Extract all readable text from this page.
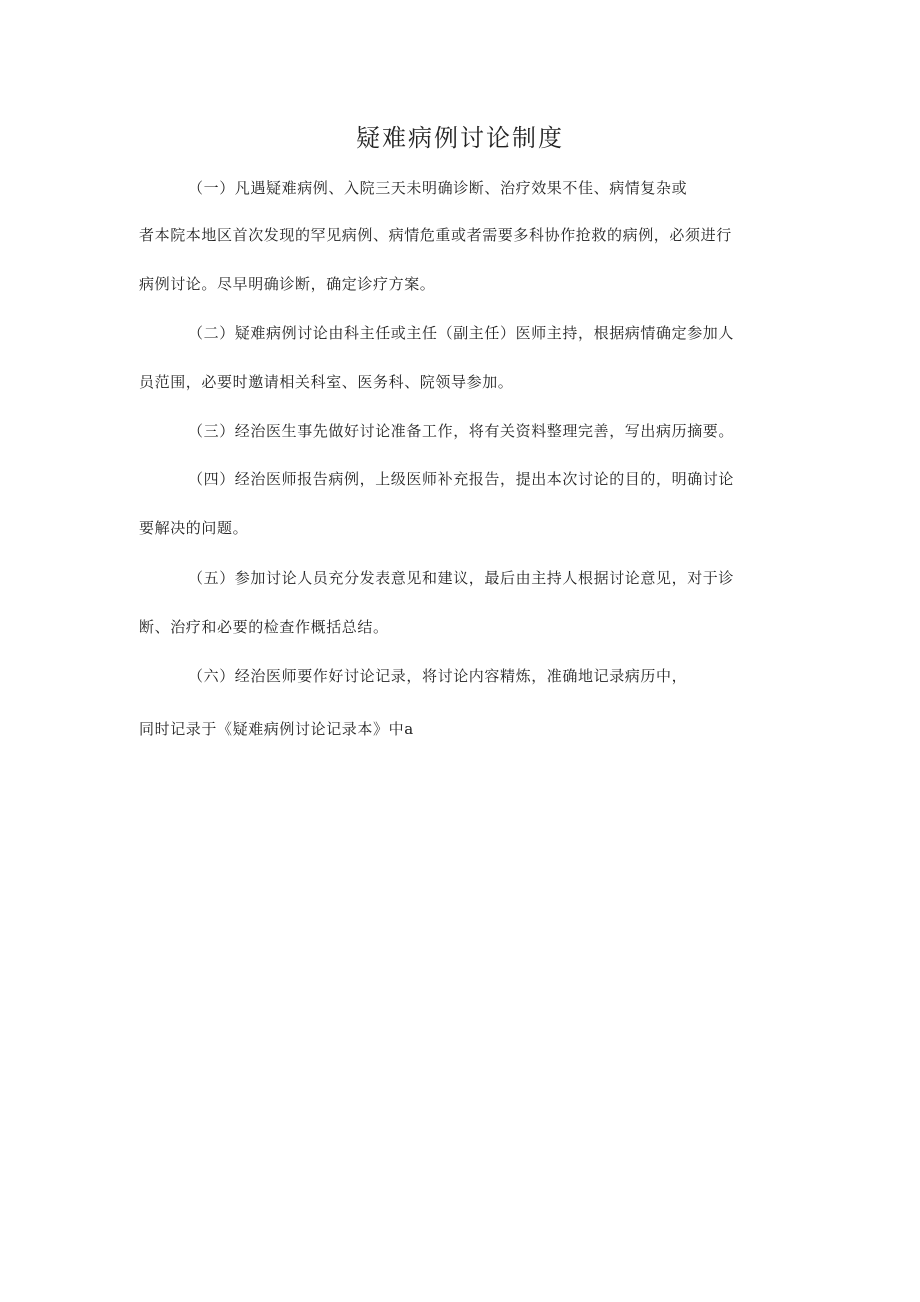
疑难病例讨论制度

（一）凡遇疑难病例、入院三天未明确诊断、治疗效果不佳、病情复杂或

者本院本地区首次发现的罕见病例、病情危重或者需要多科协作抢救的病例，必须进行

病例讨论。尽早明确诊断，确定诊疗方案。

（二）疑难病例讨论由科主任或主任（副主任）医师主持，根据病情确定参加人

员范围，必要时邀请相关科室、医务科、院领导参加。

（三）经治医生事先做好讨论准备工作，将有关资料整理完善，写出病历摘要。

（四）经治医师报告病例，上级医师补充报告，提出本次讨论的目的，明确讨论

要解决的问题。

（五）参加讨论人员充分发表意见和建议，最后由主持人根据讨论意见，对于诊

断、治疗和必要的检查作概括总结。

（六）经治医师要作好讨论记录，将讨论内容精炼，准确地记录病历中，

同时记录于《疑难病例讨论记录本》中a
